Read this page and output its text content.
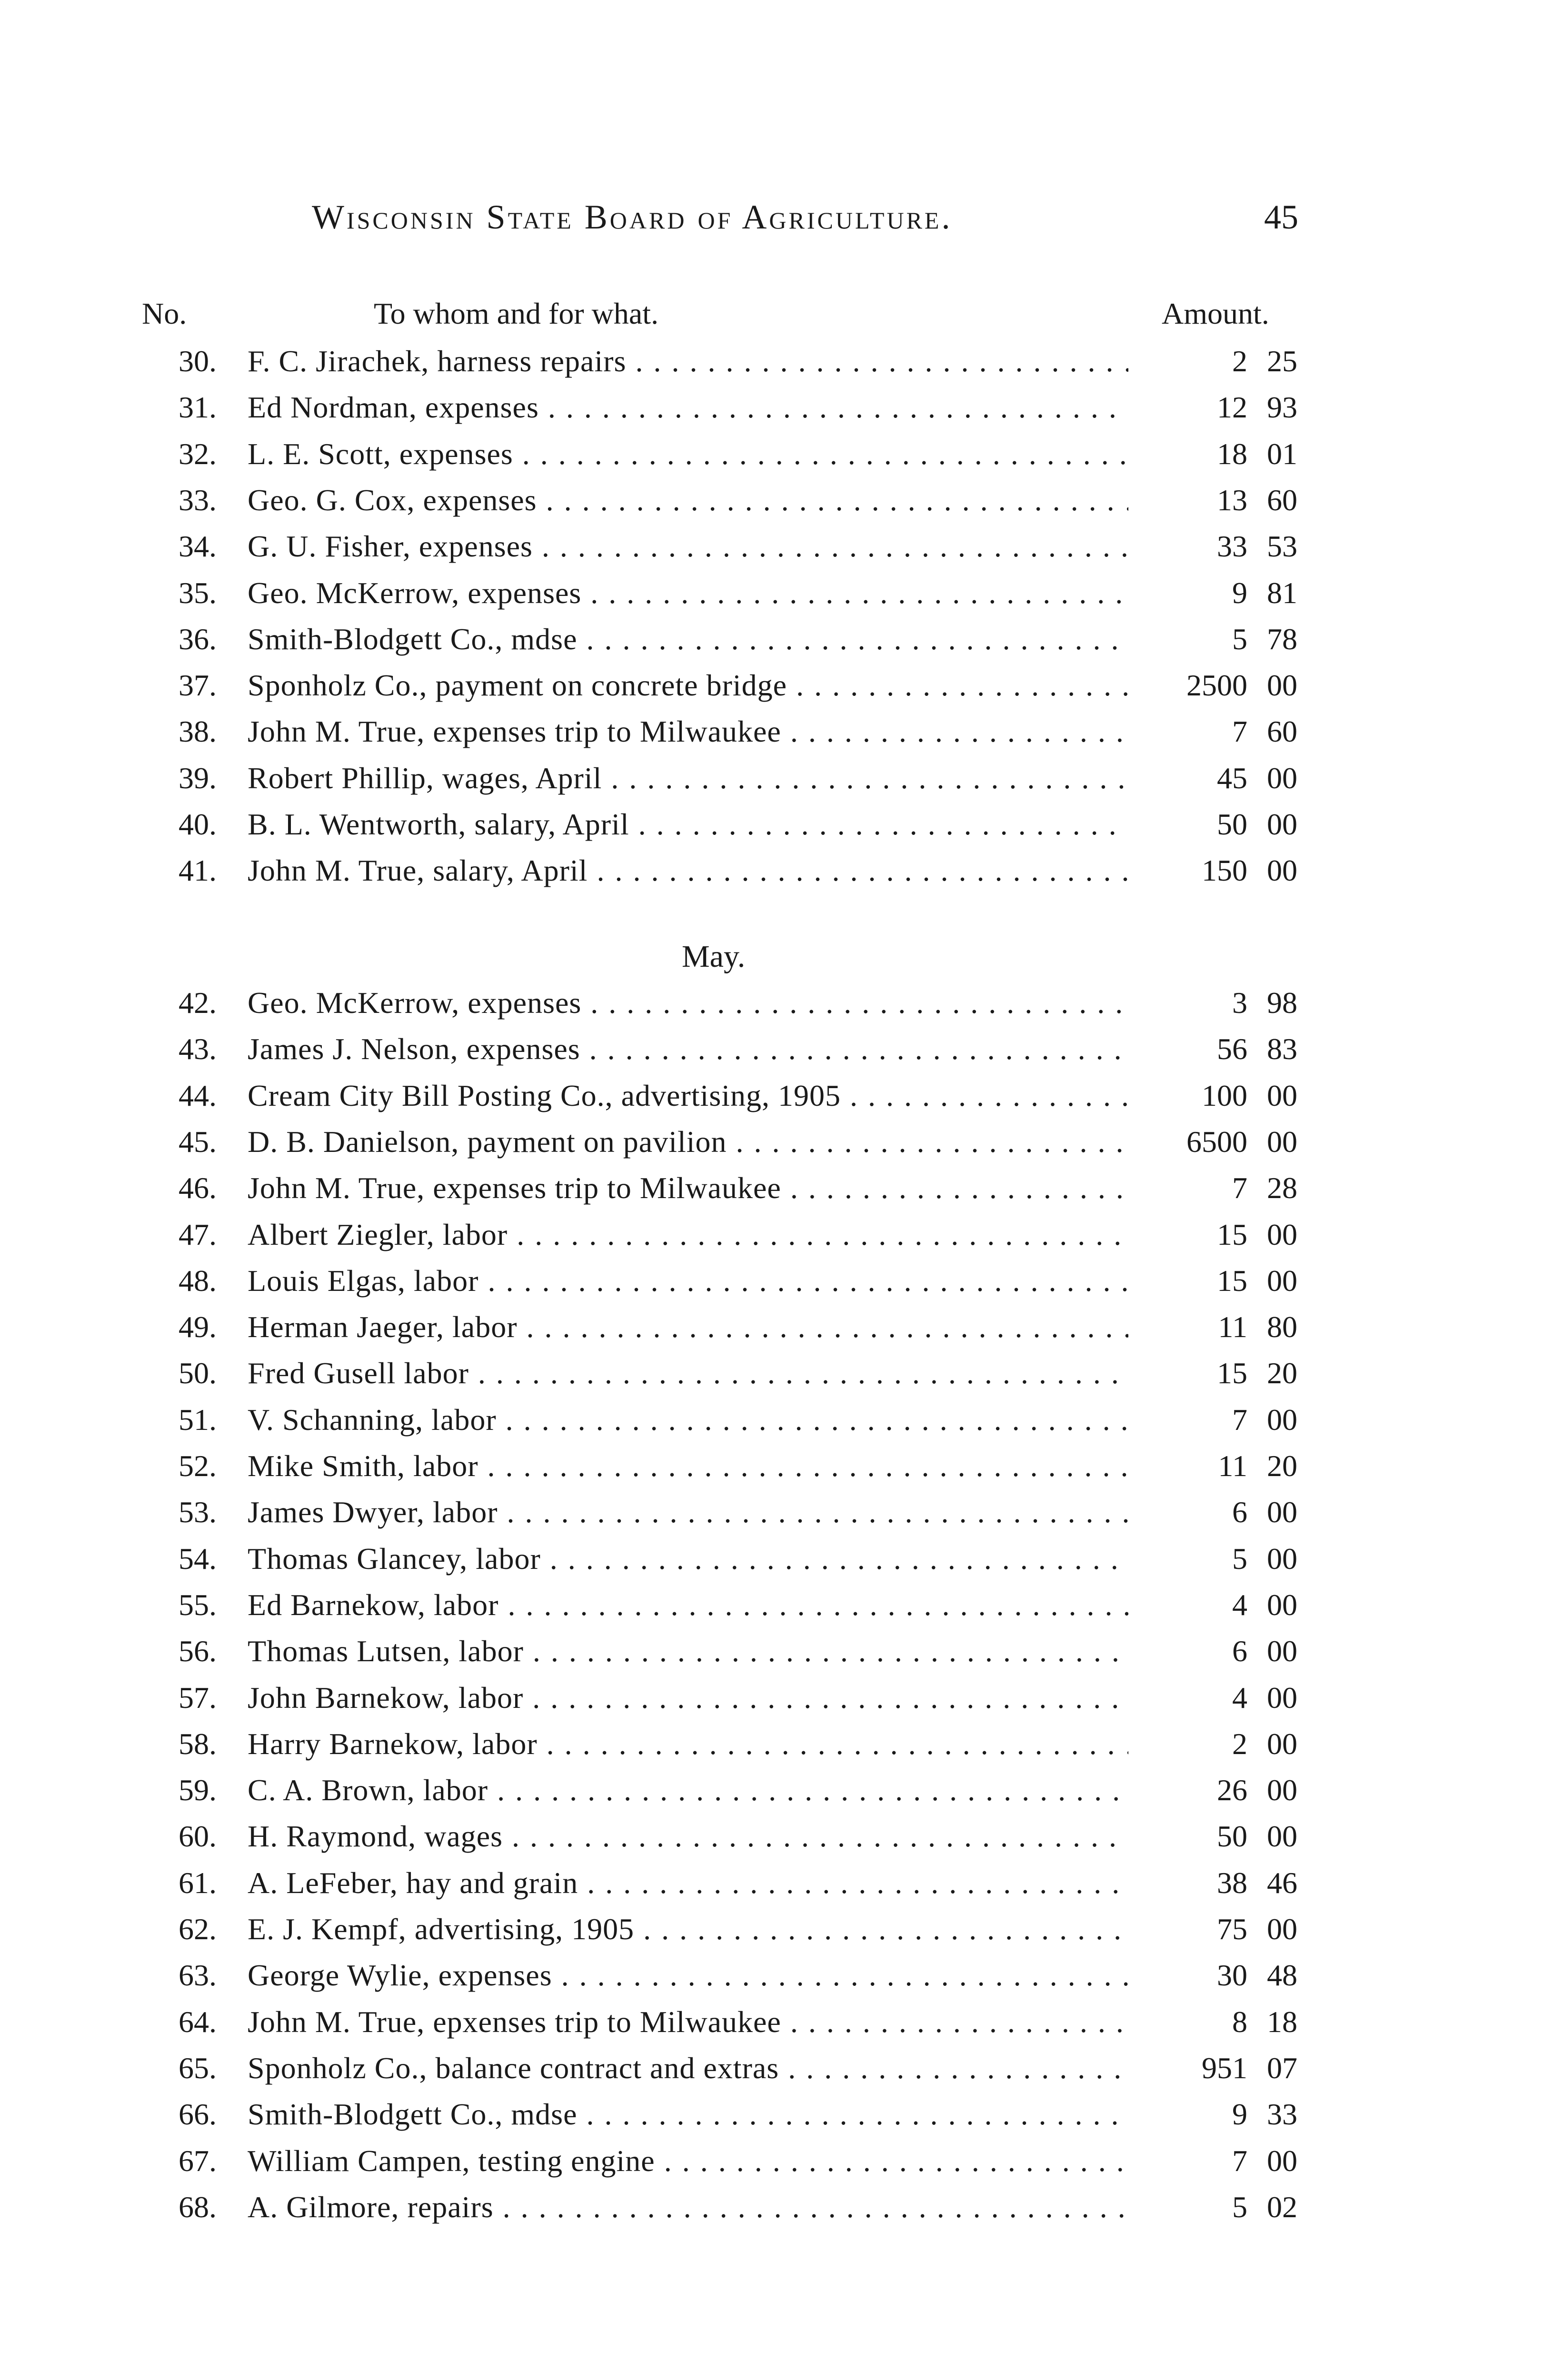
Wisconsin State Board of Agriculture.	45
No.	To whom and for what.	Amount.
30. F. C. Jirachek, harness repairs . . .	2 25
31. Ed Nordman, expenses . . .	12 93
32. L. E. Scott, expenses . . .	18 01
33. Geo. G. Cox, expenses . . .	13 60
34. G. U. Fisher, expenses . . .	33 53
35. Geo. McKerrow, expenses . . .	9 81
36. Smith-Blodgett Co., mdse . . .	5 78
37. Sponholz Co., payment on concrete bridge . . .	2500 00
38. John M. True, expenses trip to Milwaukee . . .	7 60
39. Robert Phillip, wages, April . . .	45 00
40. B. L. Wentworth, salary, April . . .	50 00
41. John M. True, salary, April . . .	150 00
May.
42. Geo. McKerrow, expenses . . .	3 98
43. James J. Nelson, expenses . . .	56 83
44. Cream City Bill Posting Co., advertising, 1905 . . .	100 00
45. D. B. Danielson, payment on pavilion . . .	6500 00
46. John M. True, expenses trip to Milwaukee . . .	7 28
47. Albert Ziegler, labor . . .	15 00
48. Louis Elgas, labor . . .	15 00
49. Herman Jaeger, labor . . .	11 80
50. Fred Gusell labor . . .	15 20
51. V. Schanning, labor . . .	7 00
52. Mike Smith, labor . . .	11 20
53. James Dwyer, labor . . .	6 00
54. Thomas Glancey, labor . . .	5 00
55. Ed Barnekow, labor . . .	4 00
56. Thomas Lutsen, labor . . .	6 00
57. John Barnekow, labor . . .	4 00
58. Harry Barnekow, labor . . .	2 00
59. C. A. Brown, labor . . .	26 00
60. H. Raymond, wages . . .	50 00
61. A. LeFeber, hay and grain . . .	38 46
62. E. J. Kempf, advertising, 1905 . . .	75 00
63. George Wylie, expenses . . .	30 48
64. John M. True, epxenses trip to Milwaukee . . .	8 18
65. Sponholz Co., balance contract and extras . . .	951 07
66. Smith-Blodgett Co., mdse . . .	9 33
67. William Campen, testing engine . . .	7 00
68. A. Gilmore, repairs . . .	5 02
